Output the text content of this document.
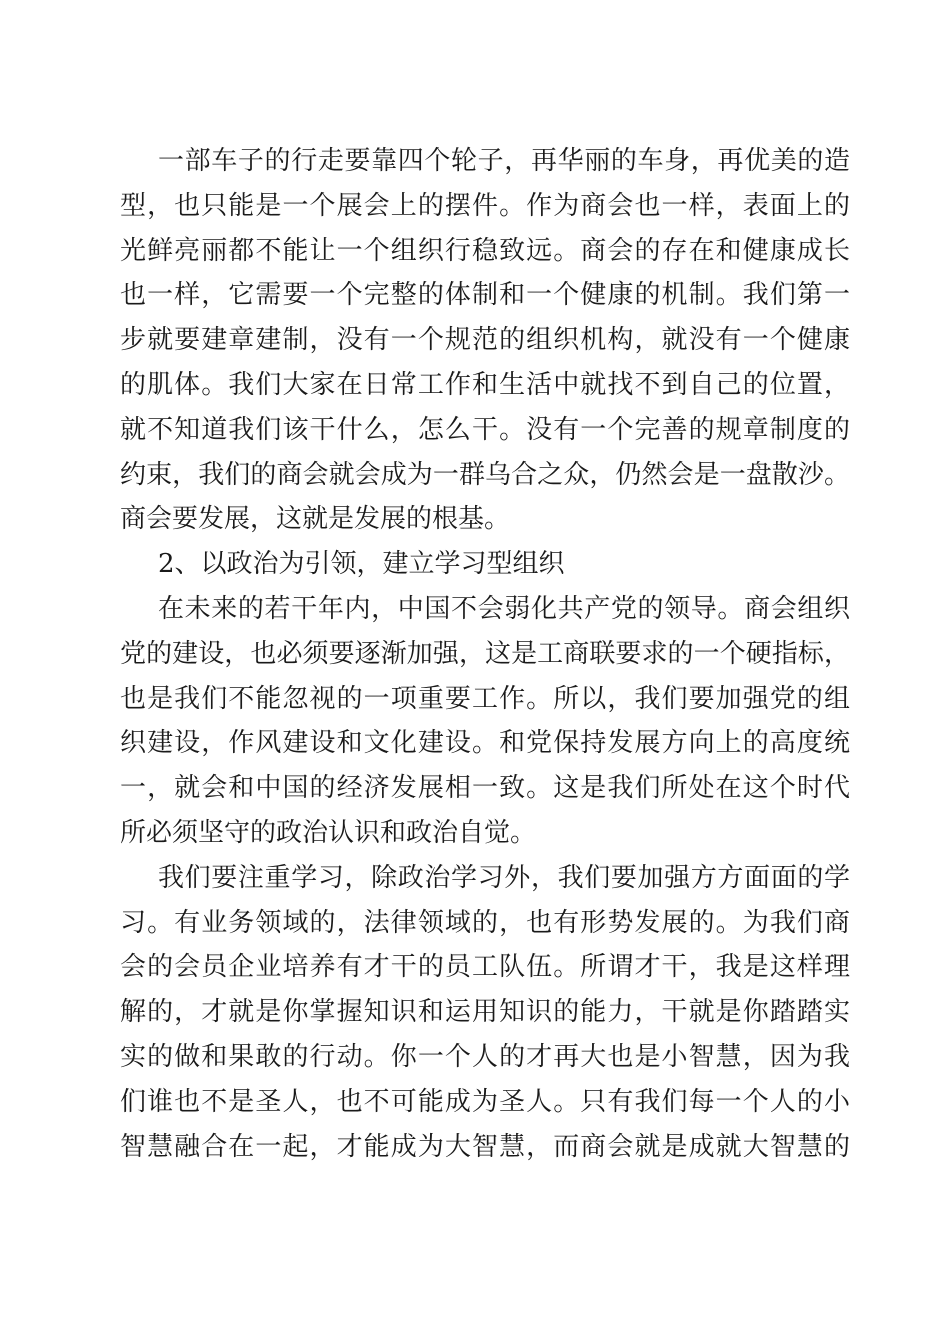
一部车子的行走要靠四个轮子，再华丽的车身，再优美的造
型，也只能是一个展会上的摆件。作为商会也一样，表面上的
光鲜亮丽都不能让一个组织行稳致远。商会的存在和健康成长
也一样，它需要一个完整的体制和一个健康的机制。我们第一
步就要建章建制，没有一个规范的组织机构，就没有一个健康
的肌体。我们大家在日常工作和生活中就找不到自己的位置，
就不知道我们该干什么，怎么干。没有一个完善的规章制度的
约束，我们的商会就会成为一群乌合之众，仍然会是一盘散沙。
商会要发展，这就是发展的根基。
2、以政治为引领，建立学习型组织
在未来的若干年内，中国不会弱化共产党的领导。商会组织
党的建设，也必须要逐渐加强，这是工商联要求的一个硬指标，
也是我们不能忽视的一项重要工作。所以，我们要加强党的组
织建设，作风建设和文化建设。和党保持发展方向上的高度统
一，就会和中国的经济发展相一致。这是我们所处在这个时代
所必须坚守的政治认识和政治自觉。
我们要注重学习，除政治学习外，我们要加强方方面面的学
习。有业务领域的，法律领域的，也有形势发展的。为我们商
会的会员企业培养有才干的员工队伍。所谓才干，我是这样理
解的，才就是你掌握知识和运用知识的能力，干就是你踏踏实
实的做和果敢的行动。你一个人的才再大也是小智慧，因为我
们谁也不是圣人，也不可能成为圣人。只有我们每一个人的小
智慧融合在一起，才能成为大智慧，而商会就是成就大智慧的
